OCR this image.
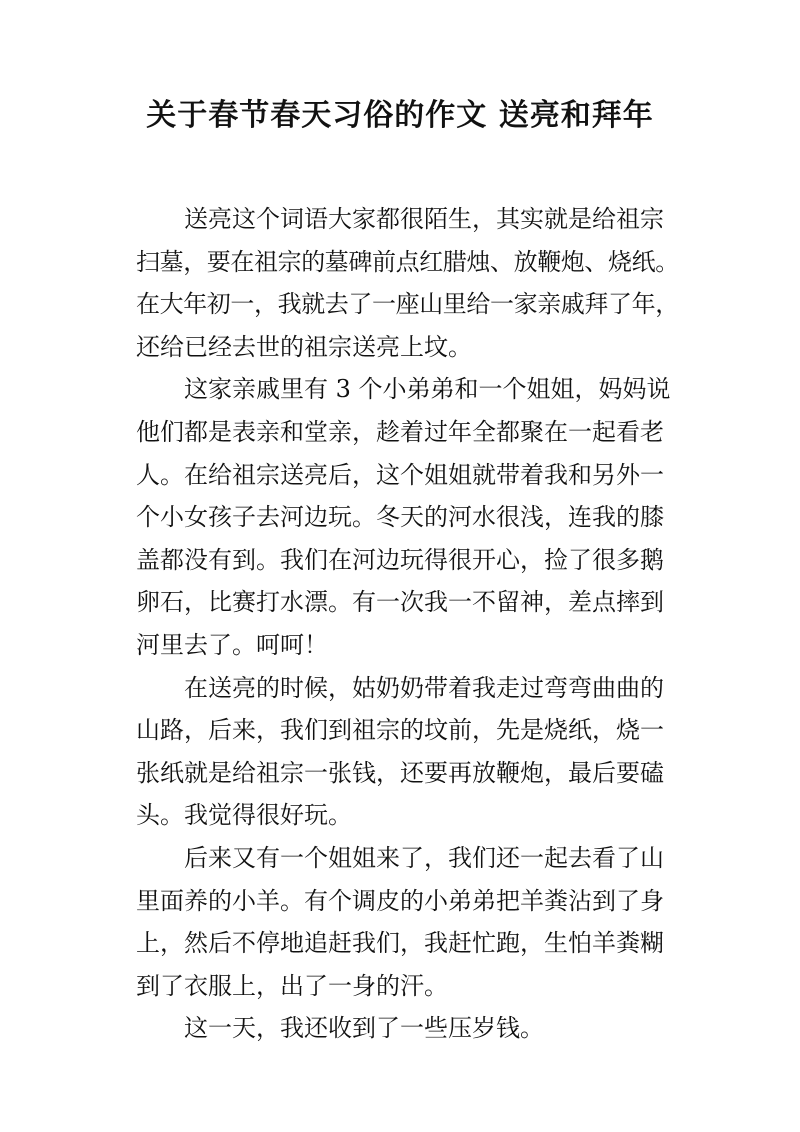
关于春节春天习俗的作文 送亮和拜年
送亮这个词语大家都很陌生，其实就是给祖宗
扫墓，要在祖宗的墓碑前点红腊烛、放鞭炮、烧纸。
在大年初一，我就去了一座山里给一家亲戚拜了年，
还给已经去世的祖宗送亮上坟。
这家亲戚里有 3 个小弟弟和一个姐姐，妈妈说
他们都是表亲和堂亲，趁着过年全都聚在一起看老
人。在给祖宗送亮后，这个姐姐就带着我和另外一
个小女孩子去河边玩。冬天的河水很浅，连我的膝
盖都没有到。我们在河边玩得很开心，捡了很多鹅
卵石，比赛打水漂。有一次我一不留神，差点摔到
河里去了。呵呵！
在送亮的时候，姑奶奶带着我走过弯弯曲曲的
山路，后来，我们到祖宗的坟前，先是烧纸，烧一
张纸就是给祖宗一张钱，还要再放鞭炮，最后要磕
头。我觉得很好玩。
后来又有一个姐姐来了，我们还一起去看了山
里面养的小羊。有个调皮的小弟弟把羊粪沾到了身
上，然后不停地追赶我们，我赶忙跑，生怕羊粪糊
到了衣服上，出了一身的汗。
这一天，我还收到了一些压岁钱。
